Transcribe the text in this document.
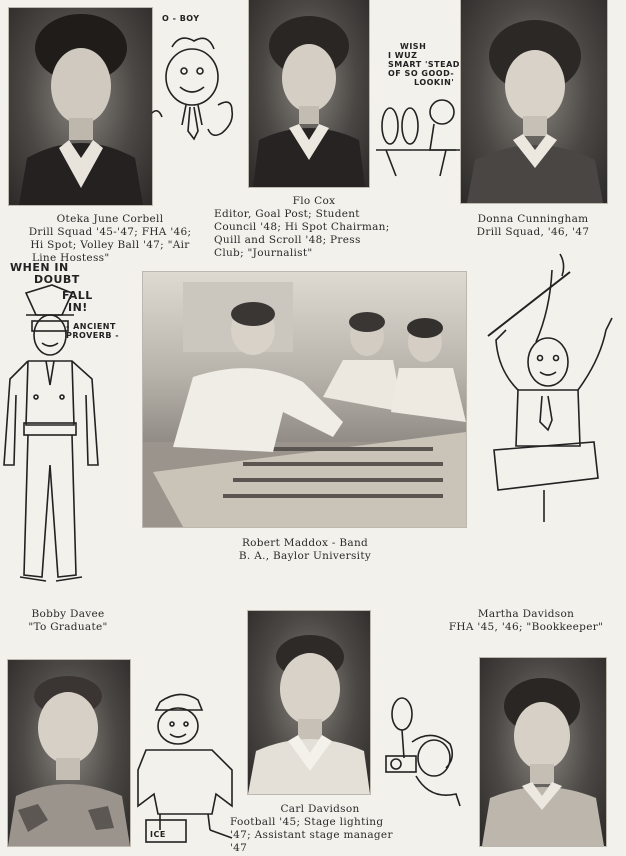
O - BOY
WISH
I WUZ
SMART 'STEAD
OF SO GOOD-
LOOKIN'
Oteka June Corbell
Drill Squad '45-'47; FHA '46;
Hi Spot; Volley Ball '47; "Air
Line Hostess"
Flo Cox
Editor, Goal Post; Student
Council '48; Hi Spot Chairman;
Quill and Scroll '48; Press
Club; "Journalist"
Donna Cunningham
Drill Squad, '46, '47
WHEN IN
DOUBT
FALL
IN!
- ANCIENT PROVERB -
Robert Maddox - Band
B. A., Baylor University
Bobby Davee
"To Graduate"
Martha Davidson
FHA '45, '46; "Bookkeeper"
ICE
Carl Davidson
Football '45; Stage lighting
'47; Assistant stage manager
'47
